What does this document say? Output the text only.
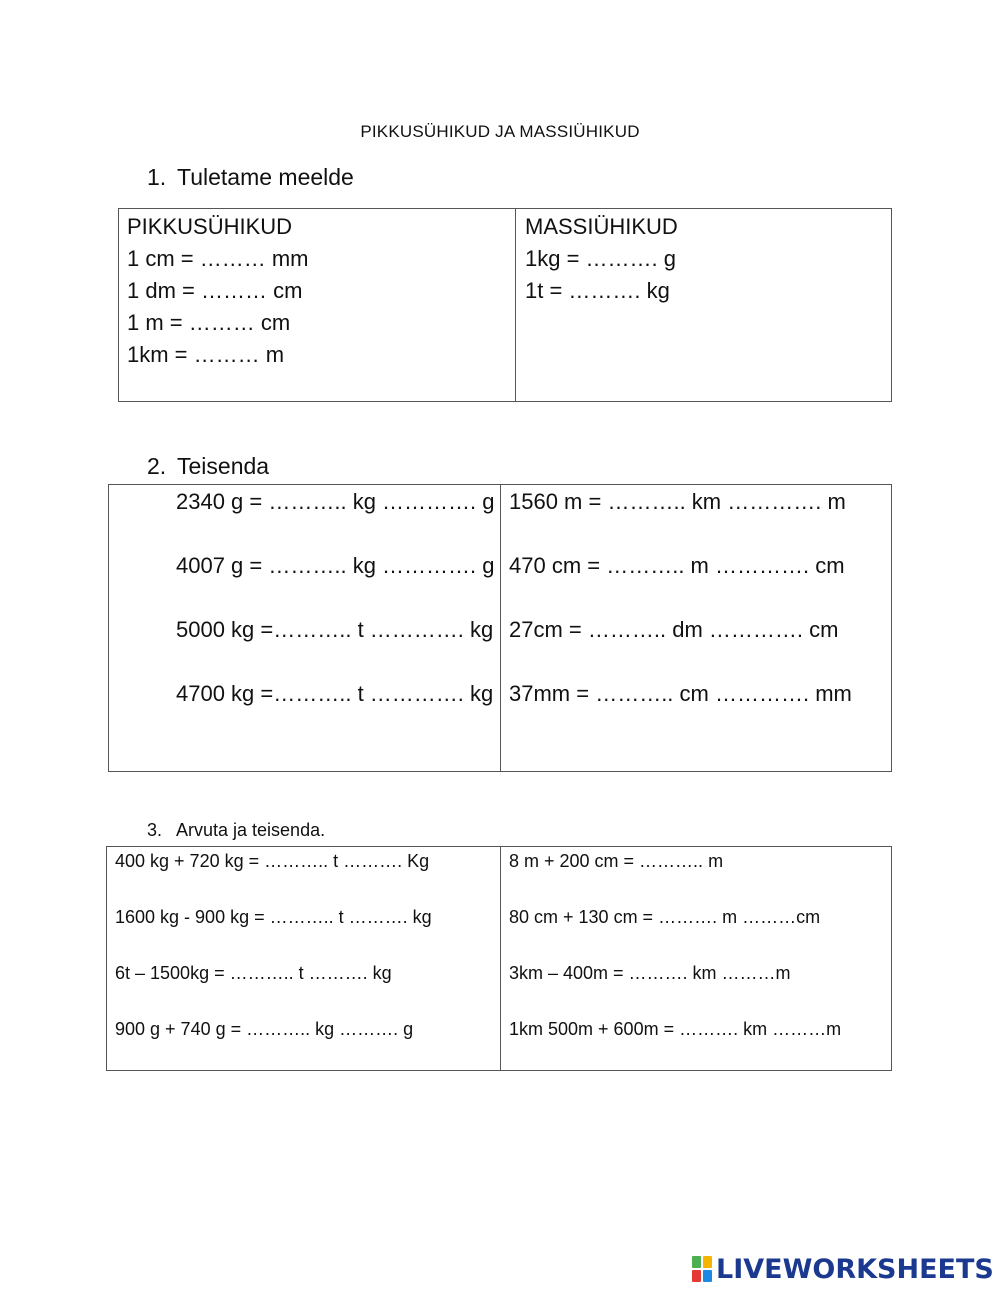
PIKKUSÜHIKUD JA MASSIÜHIKUD
1. Tuletame meelde
PIKKUSÜHIKUD
1 cm = ……… mm
1 dm = ……… cm
1 m = ……… cm
1km = ……… m
MASSIÜHIKUD
1kg = ………. g
1t = ………. kg
2. Teisenda
2340 g = ……….. kg …………. g
4007 g = ……….. kg …………. g
5000 kg =……….. t …………. kg
4700 kg =……….. t …………. kg
1560 m = ……….. km …………. m
470 cm = ……….. m …………. cm
27cm = ……….. dm …………. cm
37mm = ……….. cm …………. mm
3. Arvuta ja teisenda.
400 kg + 720 kg = ……….. t ………. Kg
1600 kg - 900 kg = ……….. t ………. kg
6t – 1500kg = ……….. t ………. kg
900 g + 740 g = ……….. kg ………. g
8 m + 200 cm = ……….. m
80 cm + 130 cm = ………. m ………cm
3km – 400m = ………. km ………m
1km 500m + 600m = ………. km ………m
LIVEWORKSHEETS
